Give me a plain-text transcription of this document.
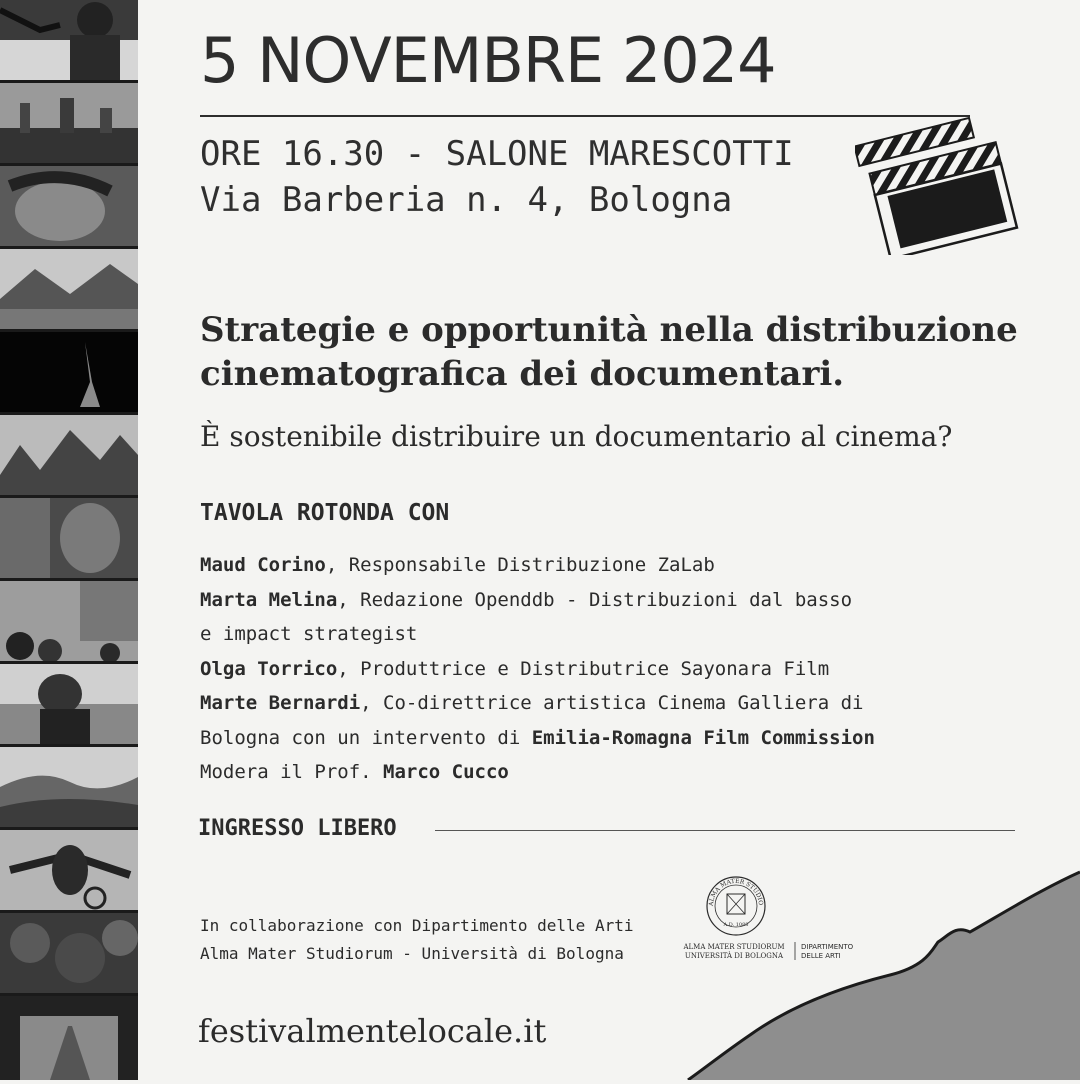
5 NOVEMBRE 2024
ORE 16.30 - SALONE MARESCOTTI
Via Barberia n. 4, Bologna
Strategie e opportunità nella distribuzione
cinematografica dei documentari.
È sostenibile distribuire un documentario al cinema?
TAVOLA ROTONDA CON
Maud Corino, Responsabile Distribuzione ZaLab
Marta Melina, Redazione Openddb - Distribuzioni dal basso
e impact strategist
Olga Torrico, Produttrice e Distributrice Sayonara Film
Marte Bernardi, Co-direttrice artistica Cinema Galliera di
Bologna con un intervento di Emilia-Romagna Film Commission
Modera il Prof. Marco Cucco
INGRESSO LIBERO
In collaborazione con Dipartimento delle Arti
Alma Mater Studiorum - Università di Bologna
ALMA MATER STUDIO
A.D. 1088
ALMA MATER STUDIORUM
UNIVERSITÀ DI BOLOGNA
DIPARTIMENTO
DELLE ARTI
festivalmentelocale.it
